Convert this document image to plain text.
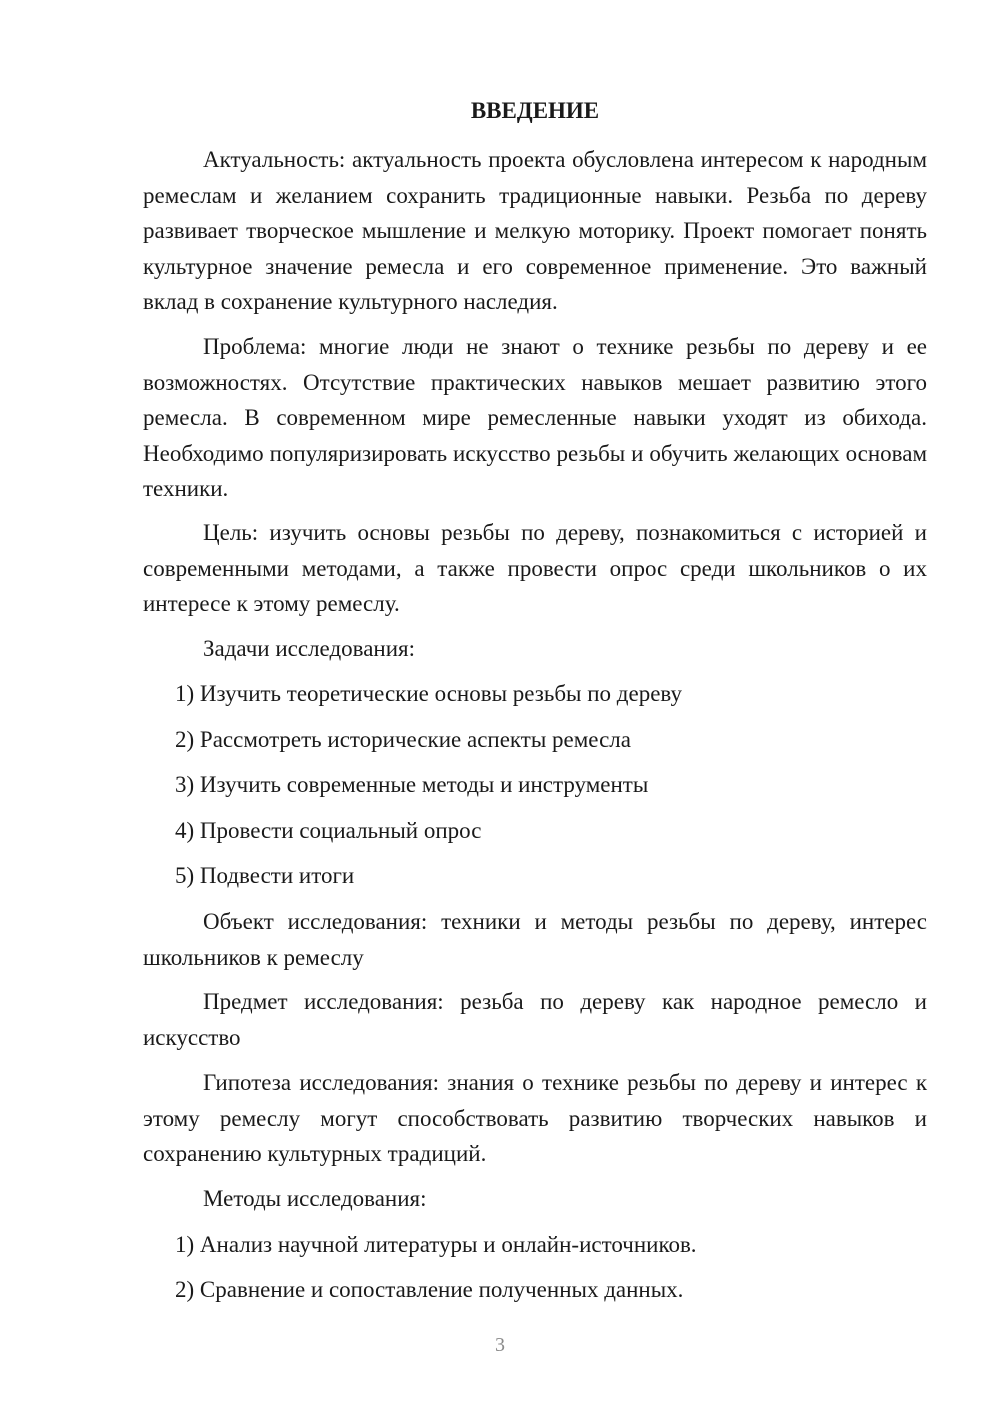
ВВЕДЕНИЕ

Актуальность: актуальность проекта обусловлена интересом к народным ремеслам и желанием сохранить традиционные навыки. Резьба по дереву развивает творческое мышление и мелкую моторику. Проект помогает понять культурное значение ремесла и его современное применение. Это важный вклад в сохранение культурного наследия.

Проблема: многие люди не знают о технике резьбы по дереву и ее возможностях. Отсутствие практических навыков мешает развитию этого ремесла. В современном мире ремесленные навыки уходят из обихода. Необходимо популяризировать искусство резьбы и обучить желающих основам техники.

Цель: изучить основы резьбы по дереву, познакомиться с историей и современными методами, а также провести опрос среди школьников о их интересе к этому ремеслу.

Задачи исследования:

1) Изучить теоретические основы резьбы по дереву

2) Рассмотреть исторические аспекты ремесла

3) Изучить современные методы и инструменты

4) Провести социальный опрос

5) Подвести итоги

Объект исследования: техники и методы резьбы по дереву, интерес школьников к ремеслу

Предмет исследования: резьба по дереву как народное ремесло и искусство

Гипотеза исследования: знания о технике резьбы по дереву и интерес к этому ремеслу могут способствовать развитию творческих навыков и сохранению культурных традиций.

Методы исследования:

1) Анализ научной литературы и онлайн-источников.

2) Сравнение и сопоставление полученных данных.

3
